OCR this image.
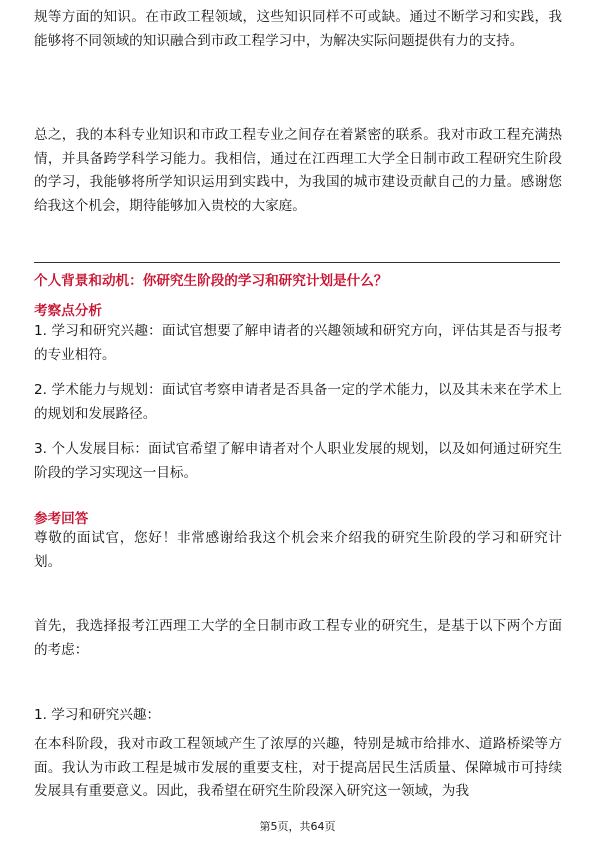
规等方面的知识。在市政工程领域，这些知识同样不可或缺。通过不断学习和实践，我能够将不同领域的知识融合到市政工程学习中，为解决实际问题提供有力的支持。

总之，我的本科专业知识和市政工程专业之间存在着紧密的联系。我对市政工程充满热情，并具备跨学科学习能力。我相信，通过在江西理工大学全日制市政工程研究生阶段的学习，我能够将所学知识运用到实践中，为我国的城市建设贡献自己的力量。感谢您给我这个机会，期待能够加入贵校的大家庭。

个人背景和动机：你研究生阶段的学习和研究计划是什么？

考察点分析

1. 学习和研究兴趣：面试官想要了解申请者的兴趣领域和研究方向，评估其是否与报考的专业相符。

2. 学术能力与规划：面试官考察申请者是否具备一定的学术能力，以及其未来在学术上的规划和发展路径。

3. 个人发展目标：面试官希望了解申请者对个人职业发展的规划，以及如何通过研究生阶段的学习实现这一目标。

参考回答

尊敬的面试官，您好！非常感谢给我这个机会来介绍我的研究生阶段的学习和研究计划。

首先，我选择报考江西理工大学的全日制市政工程专业的研究生，是基于以下两个方面的考虑：

1. 学习和研究兴趣：

在本科阶段，我对市政工程领域产生了浓厚的兴趣，特别是城市给排水、道路桥梁等方面。我认为市政工程是城市发展的重要支柱，对于提高居民生活质量、保障城市可持续发展具有重要意义。因此，我希望在研究生阶段深入研究这一领域，为我

第5页，共64页
